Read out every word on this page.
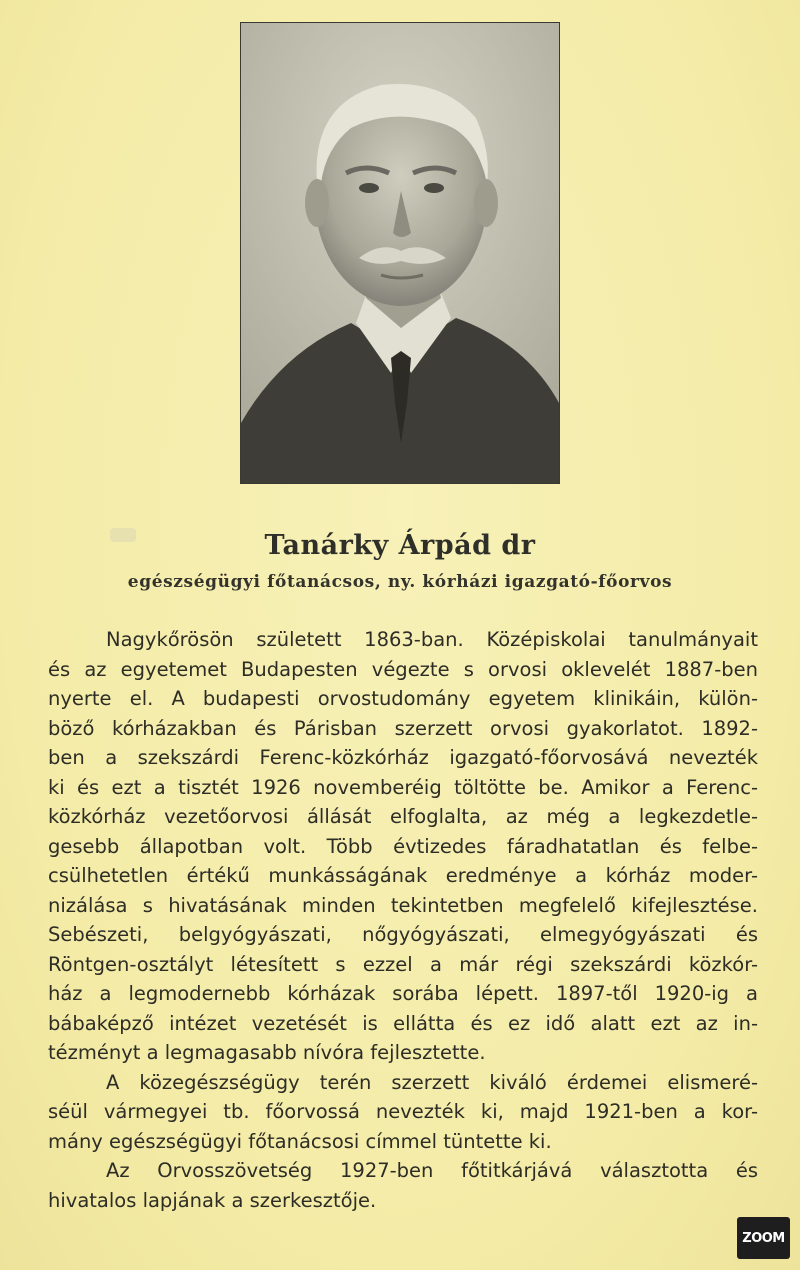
Tanárky Árpád dr
egészségügyi főtanácsos, ny. kórházi igazgató-főorvos
Nagykőrösön született 1863-ban. Középiskolai tanulmányait
és az egyetemet Budapesten végezte s orvosi oklevelét 1887-ben
nyerte el. A budapesti orvostudomány egyetem klinikáin, külön-
böző kórházakban és Párisban szerzett orvosi gyakorlatot. 1892-
ben a szekszárdi Ferenc-közkórház igazgató-főorvosává nevezték
ki és ezt a tisztét 1926 novemberéig töltötte be. Amikor a Ferenc-
közkórház vezetőorvosi állását elfoglalta, az még a legkezdetle-
gesebb állapotban volt. Több évtizedes fáradhatatlan és felbe-
csülhetetlen értékű munkásságának eredménye a kórház moder-
nizálása s hivatásának minden tekintetben megfelelő kifejlesztése.
Sebészeti, belgyógyászati, nőgyógyászati, elmegyógyászati és
Röntgen-osztályt létesített s ezzel a már régi szekszárdi közkór-
ház a legmodernebb kórházak sorába lépett. 1897-től 1920-ig a
bábaképző intézet vezetését is ellátta és ez idő alatt ezt az in-
tézményt a legmagasabb nívóra fejlesztette.
A közegészségügy terén szerzett kiváló érdemei elismeré-
séül vármegyei tb. főorvossá nevezték ki, majd 1921-ben a kor-
mány egészségügyi főtanácsosi címmel tüntette ki.
Az Orvosszövetség 1927-ben főtitkárjává választotta és
hivatalos lapjának a szerkesztője.
ZOOM
